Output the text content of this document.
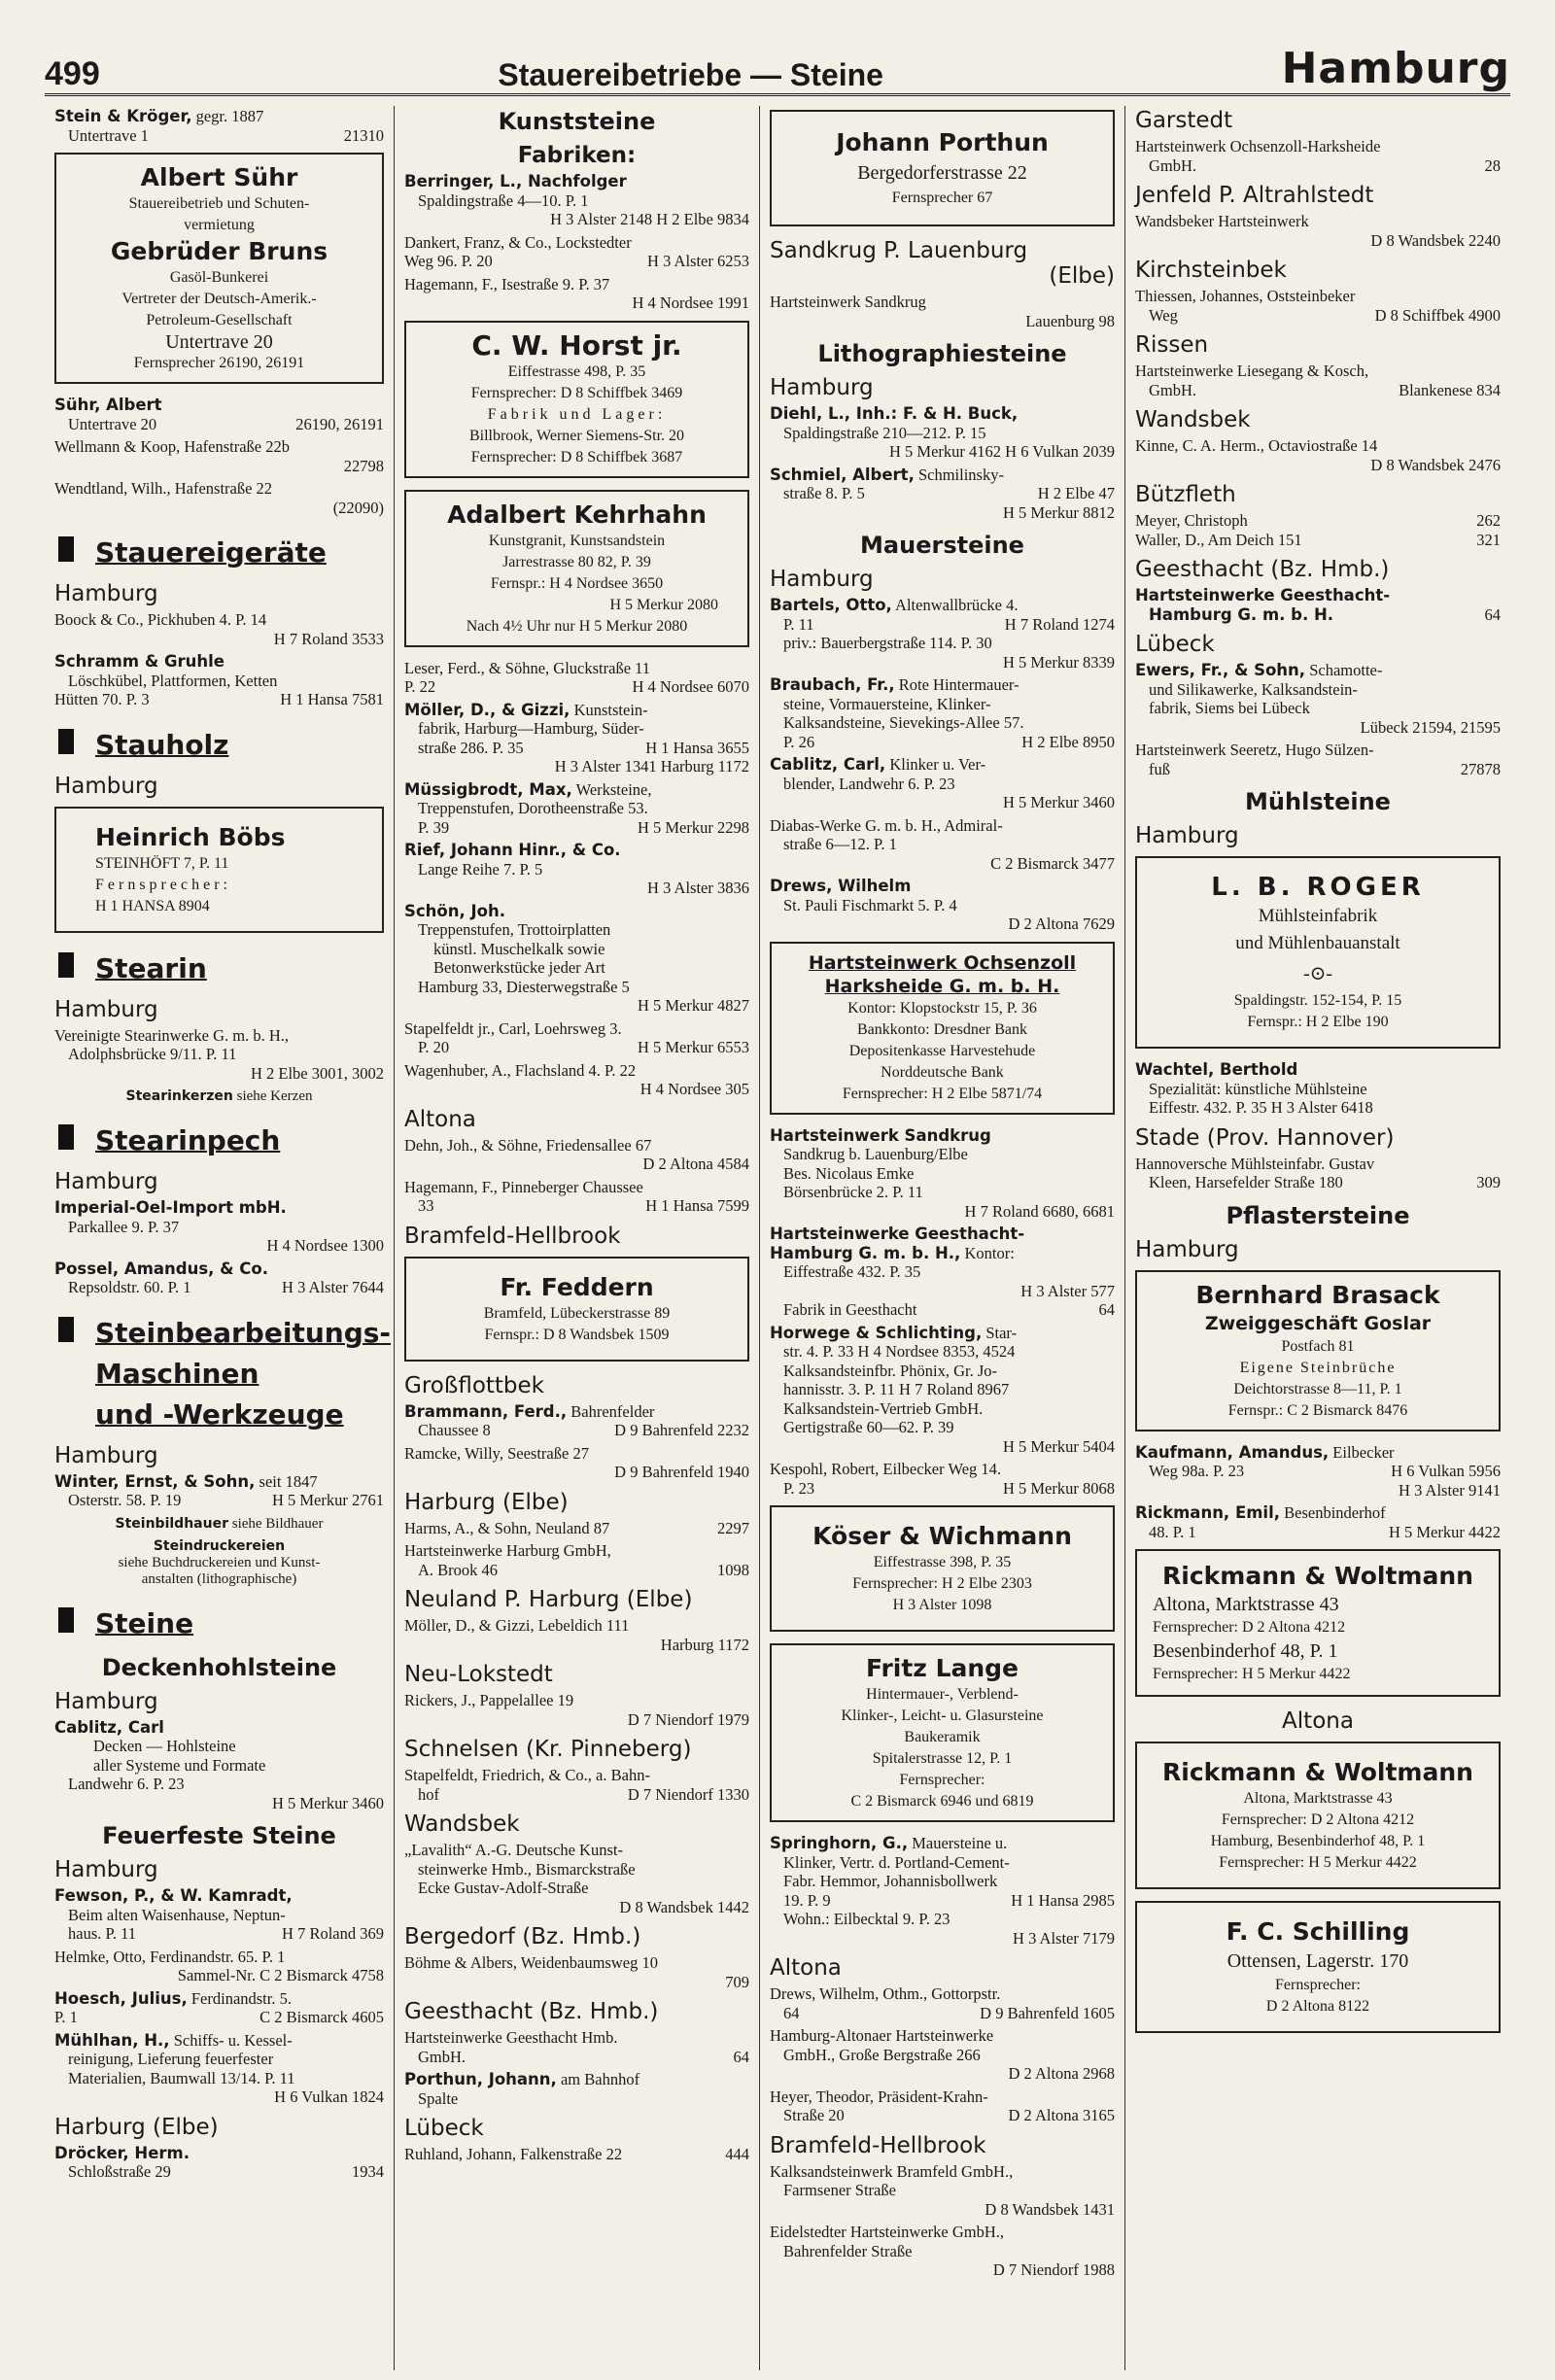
499	Stauereibetriebe — Steine	Hamburg
Stein & Kröger, gegr. 1887
Untertrave 1	21310
Albert Sühr
Stauereibetrieb und Schuten-
vermietung
Gebrüder Bruns
Gasöl-Bunkerei
Vertreter der Deutsch-Amerik.-
Petroleum-Gesellschaft
Untertrave 20
Fernsprecher 26190, 26191
Sühr, Albert
Untertrave 20	26190, 26191
Wellmann & Koop, Hafenstraße 22b
22798
Wendtland, Wilh., Hafenstraße 22
(22090)
Stauereigeräte
Hamburg
Boock & Co., Pickhuben 4. P. 14
H 7 Roland 3533
Schramm & Gruhle
Löschkübel, Plattformen, Ketten
Hütten 70. P. 3	H 1 Hansa 7581
Stauholz
Hamburg
Heinrich Böbs
STEINHÖFT 7, P. 11
Fernsprecher:
H 1 HANSA 8904
Stearin
Hamburg
Vereinigte Stearinwerke G. m. b. H.,
Adolphsbrücke 9/11. P. 11
H 2 Elbe 3001, 3002
Stearinkerzen siehe Kerzen
Stearinpech
Hamburg
Imperial-Oel-Import mbH.
Parkallee 9. P. 37
H 4 Nordsee 1300
Possel, Amandus, & Co.
Repsoldstr. 60. P. 1	H 3 Alster 7644
Steinbearbeitungs-
Maschinen
und -Werkzeuge
Hamburg
Winter, Ernst, & Sohn, seit 1847
Osterstr. 58. P. 19	H 5 Merkur 2761
Steinbildhauer siehe Bildhauer
Steindruckereien
siehe Buchdruckereien und Kunst-
anstalten (lithographische)
Steine
Deckenhohlsteine
Hamburg
Cablitz, Carl
Decken — Hohlsteine
aller Systeme und Formate
Landwehr 6. P. 23
H 5 Merkur 3460
Feuerfeste Steine
Hamburg
Fewson, P., & W. Kamradt,
Beim alten Waisenhause, Neptun-
haus. P. 11	H 7 Roland 369
Helmke, Otto, Ferdinandstr. 65. P. 1
Sammel-Nr. C 2 Bismarck 4758
Hoesch, Julius, Ferdinandstr. 5.
P. 1	C 2 Bismarck 4605
Mühlhan, H., Schiffs- u. Kessel-
reinigung, Lieferung feuerfester
Materialien, Baumwall 13/14. P. 11
H 6 Vulkan 1824
Harburg (Elbe)
Dröcker, Herm.
Schloßstraße 29	1934
Kunststeine
Fabriken:
Berringer, L., Nachfolger
Spaldingstraße 4—10. P. 1
H 3 Alster 2148 H 2 Elbe 9834
Dankert, Franz, & Co., Lockstedter
Weg 96. P. 20	H 3 Alster 6253
Hagemann, F., Isestraße 9. P. 37
H 4 Nordsee 1991
C. W. Horst jr.
Eiffestrasse 498, P. 35
Fernsprecher: D 8 Schiffbek 3469
Fabrik und Lager:
Billbrook, Werner Siemens-Str. 20
Fernsprecher: D 8 Schiffbek 3687
Adalbert Kehrhahn
Kunstgranit, Kunstsandstein
Jarrestrasse 80 82, P. 39
Fernspr.: H 4 Nordsee 3650
H 5 Merkur 2080
Nach 4½ Uhr nur H 5 Merkur 2080
Leser, Ferd., & Söhne, Gluckstraße 11
P. 22	H 4 Nordsee 6070
Möller, D., & Gizzi, Kunststein-
fabrik, Harburg—Hamburg, Süder-
straße 286. P. 35	H 1 Hansa 3655
H 3 Alster 1341 Harburg 1172
Müssigbrodt, Max, Werksteine,
Treppenstufen, Dorotheenstraße 53.
P. 39	H 5 Merkur 2298
Rief, Johann Hinr., & Co.
Lange Reihe 7. P. 5
H 3 Alster 3836
Schön, Joh.
Treppenstufen, Trottoirplatten
künstl. Muschelkalk sowie
Betonwerkstücke jeder Art
Hamburg 33, Diesterwegstraße 5
H 5 Merkur 4827
Stapelfeldt jr., Carl, Loehrsweg 3.
P. 20	H 5 Merkur 6553
Wagenhuber, A., Flachsland 4. P. 22
H 4 Nordsee 305
Altona
Dehn, Joh., & Söhne, Friedensallee 67
D 2 Altona 4584
Hagemann, F., Pinneberger Chaussee
33	H 1 Hansa 7599
Bramfeld-Hellbrook
Fr. Feddern
Bramfeld, Lübeckerstrasse 89
Fernspr.: D 8 Wandsbek 1509
Großflottbek
Brammann, Ferd., Bahrenfelder
Chaussee 8	D 9 Bahrenfeld 2232
Ramcke, Willy, Seestraße 27
D 9 Bahrenfeld 1940
Harburg (Elbe)
Harms, A., & Sohn, Neuland 87	2297
Hartsteinwerke Harburg GmbH,
A. Brook 46	1098
Neuland P. Harburg (Elbe)
Möller, D., & Gizzi, Lebeldich 111
Harburg 1172
Neu-Lokstedt
Rickers, J., Pappelallee 19
D 7 Niendorf 1979
Schnelsen (Kr. Pinneberg)
Stapelfeldt, Friedrich, & Co., a. Bahn-
hof	D 7 Niendorf 1330
Wandsbek
„Lavalith“ A.-G. Deutsche Kunst-
steinwerke Hmb., Bismarckstraße
Ecke Gustav-Adolf-Straße
D 8 Wandsbek 1442
Bergedorf (Bz. Hmb.)
Böhme & Albers, Weidenbaumsweg 10
709
Geesthacht (Bz. Hmb.)
Hartsteinwerke Geesthacht Hmb.
GmbH.	64
Porthun, Johann, am Bahnhof
Spalte
Lübeck
Ruhland, Johann, Falkenstraße 22	444
Johann Porthun
Bergedorferstrasse 22
Fernsprecher 67
Sandkrug P. Lauenburg
(Elbe)
Hartsteinwerk Sandkrug
Lauenburg 98
Lithographiesteine
Hamburg
Diehl, L., Inh.: F. & H. Buck,
Spaldingstraße 210—212. P. 15
H 5 Merkur 4162 H 6 Vulkan 2039
Schmiel, Albert, Schmilinsky-
straße 8. P. 5	H 2 Elbe 47
H 5 Merkur 8812
Mauersteine
Hamburg
Bartels, Otto, Altenwallbrücke 4.
P. 11	H 7 Roland 1274
priv.: Bauerbergstraße 114. P. 30
H 5 Merkur 8339
Braubach, Fr., Rote Hintermauer-
steine, Vormauersteine, Klinker-
Kalksandsteine, Sievekings-Allee 57.
P. 26	H 2 Elbe 8950
Cablitz, Carl, Klinker u. Ver-
blender, Landwehr 6. P. 23
H 5 Merkur 3460
Diabas-Werke G. m. b. H., Admiral-
straße 6—12. P. 1
C 2 Bismarck 3477
Drews, Wilhelm
St. Pauli Fischmarkt 5. P. 4
D 2 Altona 7629
Hartsteinwerk Ochsenzoll
Harksheide G. m. b. H.
Kontor: Klopstockstr 15, P. 36
Bankkonto: Dresdner Bank
Depositenkasse Harvestehude
Norddeutsche Bank
Fernsprecher: H 2 Elbe 5871/74
Hartsteinwerk Sandkrug
Sandkrug b. Lauenburg/Elbe
Bes. Nicolaus Emke
Börsenbrücke 2. P. 11
H 7 Roland 6680, 6681
Hartsteinwerke Geesthacht-
Hamburg G. m. b. H., Kontor:
Eiffestraße 432. P. 35
H 3 Alster 577
Fabrik in Geesthacht	64
Horwege & Schlichting, Star-
str. 4. P. 33 H 4 Nordsee 8353, 4524
Kalksandsteinfbr. Phönix, Gr. Jo-
hannisstr. 3. P. 11 H 7 Roland 8967
Kalksandstein-Vertrieb GmbH.
Gertigstraße 60—62. P. 39
H 5 Merkur 5404
Kespohl, Robert, Eilbecker Weg 14.
P. 23	H 5 Merkur 8068
Köser & Wichmann
Eiffestrasse 398, P. 35
Fernsprecher: H 2 Elbe 2303
H 3 Alster 1098
Fritz Lange
Hintermauer-, Verblend-
Klinker-, Leicht- u. Glasursteine
Baukeramik
Spitalerstrasse 12, P. 1
Fernsprecher:
C 2 Bismarck 6946 und 6819
Springhorn, G., Mauersteine u.
Klinker, Vertr. d. Portland-Cement-
Fabr. Hemmor, Johannisbollwerk
19. P. 9	H 1 Hansa 2985
Wohn.: Eilbecktal 9. P. 23
H 3 Alster 7179
Altona
Drews, Wilhelm, Othm., Gottorpstr.
64	D 9 Bahrenfeld 1605
Hamburg-Altonaer Hartsteinwerke
GmbH., Große Bergstraße 266
D 2 Altona 2968
Heyer, Theodor, Präsident-Krahn-
Straße 20	D 2 Altona 3165
Bramfeld-Hellbrook
Kalksandsteinwerk Bramfeld GmbH.,
Farmsener Straße
D 8 Wandsbek 1431
Eidelstedter Hartsteinwerke GmbH.,
Bahrenfelder Straße
D 7 Niendorf 1988
Garstedt
Hartsteinwerk Ochsenzoll-Harksheide
GmbH.	28
Jenfeld P. Altrahlstedt
Wandsbeker Hartsteinwerk
D 8 Wandsbek 2240
Kirchsteinbek
Thiessen, Johannes, Oststeinbeker
Weg	D 8 Schiffbek 4900
Rissen
Hartsteinwerke Liesegang & Kosch,
GmbH.	Blankenese 834
Wandsbek
Kinne, C. A. Herm., Octaviostraße 14
D 8 Wandsbek 2476
Bützfleth
Meyer, Christoph	262
Waller, D., Am Deich 151	321
Geesthacht (Bz. Hmb.)
Hartsteinwerke Geesthacht-
Hamburg G. m. b. H.	64
Lübeck
Ewers, Fr., & Sohn, Schamotte-
und Silikawerke, Kalksandstein-
fabrik, Siems bei Lübeck
Lübeck 21594, 21595
Hartsteinwerk Seeretz, Hugo Sülzen-
fuß	27878
Mühlsteine
Hamburg
L. B. ROGER
Mühlsteinfabrik
und Mühlenbauanstalt
-⊙-
Spaldingstr. 152-154, P. 15
Fernspr.: H 2 Elbe 190
Wachtel, Berthold
Spezialität: künstliche Mühlsteine
Eiffestr. 432. P. 35 H 3 Alster 6418
Stade (Prov. Hannover)
Hannoversche Mühlsteinfabr. Gustav
Kleen, Harsefelder Straße 180	309
Pflastersteine
Hamburg
Bernhard Brasack
Zweiggeschäft Goslar
Postfach 81
Eigene Steinbrüche
Deichtorstrasse 8—11, P. 1
Fernspr.: C 2 Bismarck 8476
Kaufmann, Amandus, Eilbecker
Weg 98a. P. 23	H 6 Vulkan 5956
H 3 Alster 9141
Rickmann, Emil, Besenbinderhof
48. P. 1	H 5 Merkur 4422
Rickmann & Woltmann
Altona, Marktstrasse 43
Fernsprecher: D 2 Altona 4212
Besenbinderhof 48, P. 1
Fernsprecher: H 5 Merkur 4422
Altona
Rickmann & Woltmann
Altona, Marktstrasse 43
Fernsprecher: D 2 Altona 4212
Hamburg, Besenbinderhof 48, P. 1
Fernsprecher: H 5 Merkur 4422
F. C. Schilling
Ottensen, Lagerstr. 170
Fernsprecher:
D 2 Altona 8122
